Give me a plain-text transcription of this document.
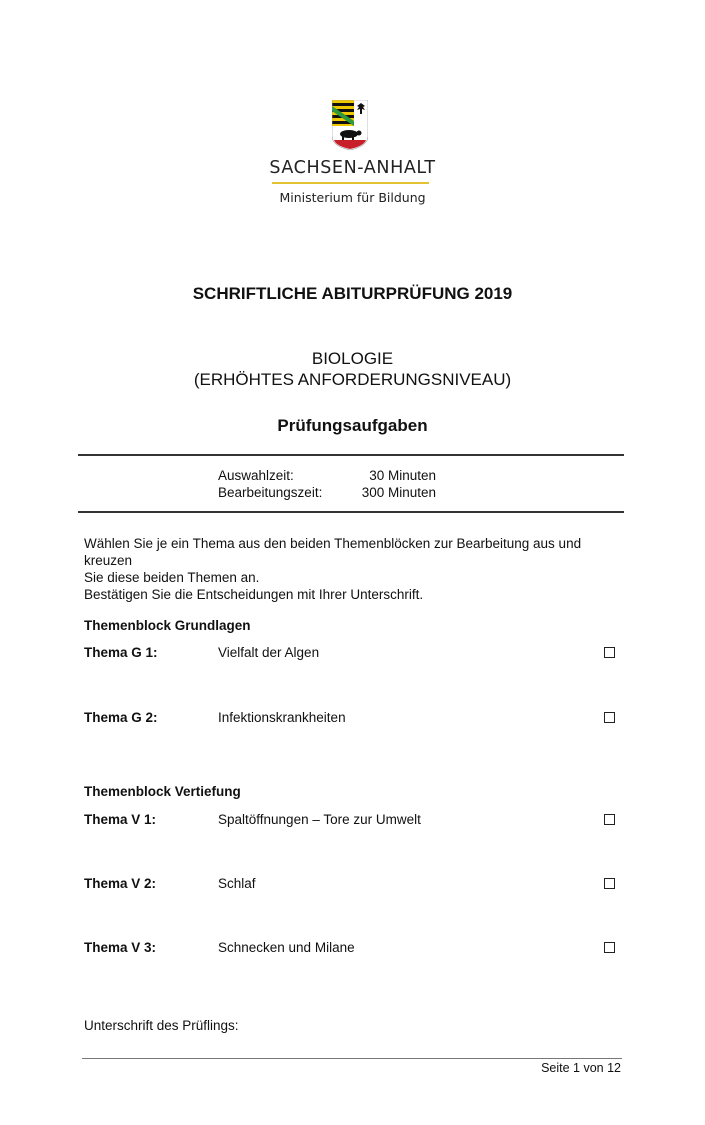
SACHSEN-ANHALT
Ministerium für Bildung
SCHRIFTLICHE ABITURPRÜFUNG 2019
BIOLOGIE
(ERHÖHTES ANFORDERUNGSNIVEAU)
Prüfungsaufgaben
Auswahlzeit:	30 Minuten
Bearbeitungszeit:	300 Minuten
Wählen Sie je ein Thema aus den beiden Themenblöcken zur Bearbeitung aus und kreuzen
Sie diese beiden Themen an.
Bestätigen Sie die Entscheidungen mit Ihrer Unterschrift.
Themenblock Grundlagen
Thema G 1:	Vielfalt der Algen
Thema G 2:	Infektionskrankheiten
Themenblock Vertiefung
Thema V 1:	Spaltöffnungen – Tore zur Umwelt
Thema V 2:	Schlaf
Thema V 3:	Schnecken und Milane
Unterschrift des Prüflings:
Seite 1 von 12
